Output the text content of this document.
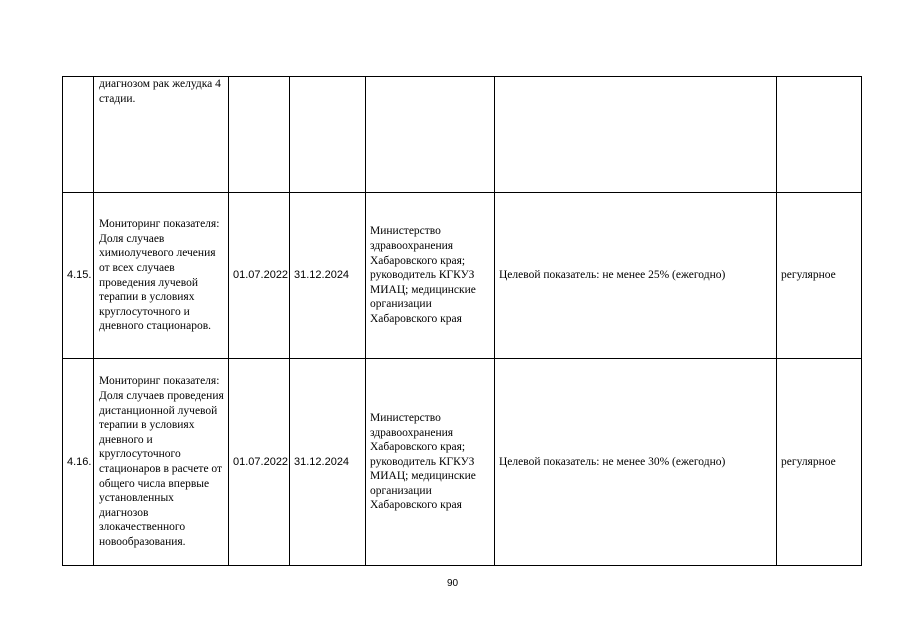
	диагнозом рак желудка 4 стадии.					
4.15.	Мониторинг показателя: Доля случаев химиолучевого лечения от всех случаев проведения лучевой терапии в условиях круглосуточного и дневного стационаров.	01.07.2022	31.12.2024	Министерство здравоохранения Хабаровского края; руководитель КГКУЗ МИАЦ; медицинские организации Хабаровского края	Целевой показатель: не менее 25% (ежегодно)	регулярное
4.16.	Мониторинг показателя: Доля случаев проведения дистанционной лучевой терапии в условиях дневного и круглосуточного стационаров в расчете от общего числа впервые установленных диагнозов злокачественного новообразования.	01.07.2022	31.12.2024	Министерство здравоохранения Хабаровского края; руководитель КГКУЗ МИАЦ; медицинские организации Хабаровского края	Целевой показатель: не менее 30% (ежегодно)	регулярное
90
